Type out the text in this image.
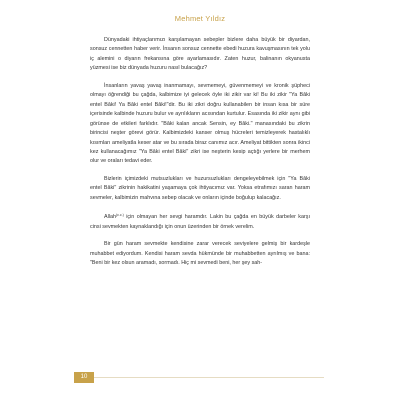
Mehmet Yıldız

Dünyadaki ihtiyaçlarımızı karşılamayan sebepler bizlere daha büyük bir diyardan, sonsuz cennetten haber verir. İnsanın sonsuz cennette ebedi huzura kavuşmasının tek yolu iç alemini o diyarın frekansına göre ayarlamasıdır. Zaten huzur, balinanın okyanusta yüzmesi ise biz dünyada huzuru nasıl bulacağız?

İnsanların yavaş yavaş inanmamayı, sevmemeyi, güvenmemeyi ve kronik şüpheci olmayı öğrendiği bu çağda, kalbimize iyi gelecek öyle iki zikir var ki! Bu iki zikir "Ya Bâki entel Bâki! Ya Bâki entel Bâki!"dir. Bu iki zikri doğru kullanabilen bir insan kısa bir süre içerisinde kalbinde huzuru bulur ve ayrılıkların acısından kurtulur. Esasında iki zikir aynı gibi görünse de etkileri farklıdır. "Bâki kalan ancak Sensin, ey Bâki." manasındaki bu zikrin birincisi neşter görevi görür. Kalbimizdeki kanser olmuş hücreleri temizleyerek hastalıklı kısımları ameliyatla keser atar ve bu sırada biraz canımız acır. Ameliyat bittikten sonra ikinci kez kullanacağımız "Ya Bâki entel Bâki" zikri ise neşterin kesip açtığı yerlere bir merhem olur ve oraları tedavi eder.

Bizlerin içimizdeki mutsuzlukları ve huzursuzlukları dengeleyebilmek için "Ya Bâki entel Bâki" zikrinin hakikatini yaşamaya çok ihtiyacımız var. Yoksa etrafımızı saran haram sevmeler, kalbimizin mahvına sebep olacak ve onların içinde boğulup kalacağız.

Allah$^{(c.c.)}$ için olmayan her sevgi haramdır. Lakin bu çağda en büyük darbeler karşı cinsi sevmekten kaynaklandığı için onun üzerinden bir örnek verelim.

Bir gün haram sevmekte kendisine zarar verecek seviyelere gelmiş bir kardeşle muhabbet ediyordum. Kendisi haram sevda hükmünde bir muhabbetten ayrılmış ve bana: "Beni bir kez olsun aramadı, sormadı. Hiç mi sevmedi beni, her şey sah-

10
